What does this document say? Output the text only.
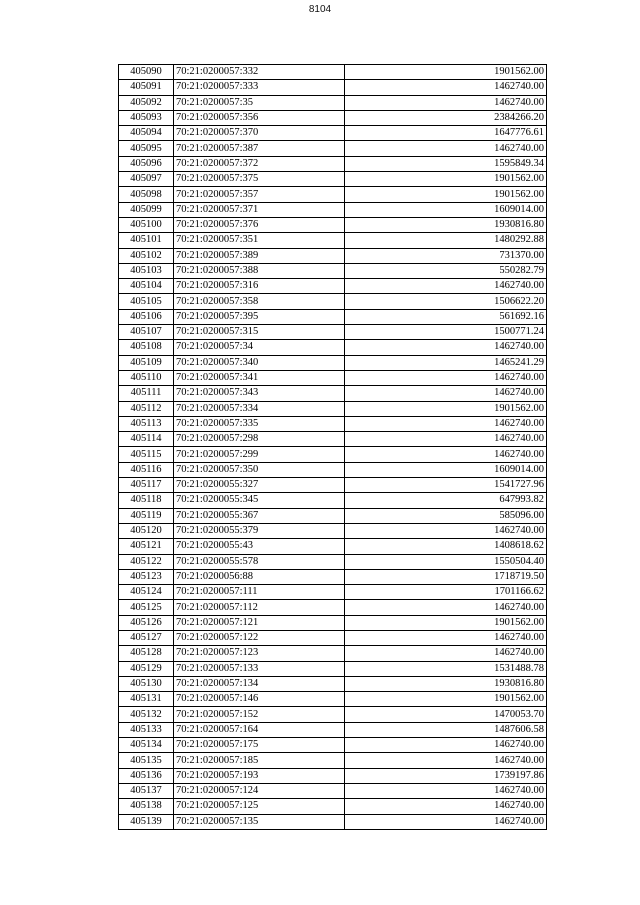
8104
405090	70:21:0200057:332	1901562.00
405091	70:21:0200057:333	1462740.00
405092	70:21:0200057:35	1462740.00
405093	70:21:0200057:356	2384266.20
405094	70:21:0200057:370	1647776.61
405095	70:21:0200057:387	1462740.00
405096	70:21:0200057:372	1595849.34
405097	70:21:0200057:375	1901562.00
405098	70:21:0200057:357	1901562.00
405099	70:21:0200057:371	1609014.00
405100	70:21:0200057:376	1930816.80
405101	70:21:0200057:351	1480292.88
405102	70:21:0200057:389	731370.00
405103	70:21:0200057:388	550282.79
405104	70:21:0200057:316	1462740.00
405105	70:21:0200057:358	1506622.20
405106	70:21:0200057:395	561692.16
405107	70:21:0200057:315	1500771.24
405108	70:21:0200057:34	1462740.00
405109	70:21:0200057:340	1465241.29
405110	70:21:0200057:341	1462740.00
405111	70:21:0200057:343	1462740.00
405112	70:21:0200057:334	1901562.00
405113	70:21:0200057:335	1462740.00
405114	70:21:0200057:298	1462740.00
405115	70:21:0200057:299	1462740.00
405116	70:21:0200057:350	1609014.00
405117	70:21:0200055:327	1541727.96
405118	70:21:0200055:345	647993.82
405119	70:21:0200055:367	585096.00
405120	70:21:0200055:379	1462740.00
405121	70:21:0200055:43	1408618.62
405122	70:21:0200055:578	1550504.40
405123	70:21:0200056:88	1718719.50
405124	70:21:0200057:111	1701166.62
405125	70:21:0200057:112	1462740.00
405126	70:21:0200057:121	1901562.00
405127	70:21:0200057:122	1462740.00
405128	70:21:0200057:123	1462740.00
405129	70:21:0200057:133	1531488.78
405130	70:21:0200057:134	1930816.80
405131	70:21:0200057:146	1901562.00
405132	70:21:0200057:152	1470053.70
405133	70:21:0200057:164	1487606.58
405134	70:21:0200057:175	1462740.00
405135	70:21:0200057:185	1462740.00
405136	70:21:0200057:193	1739197.86
405137	70:21:0200057:124	1462740.00
405138	70:21:0200057:125	1462740.00
405139	70:21:0200057:135	1462740.00
